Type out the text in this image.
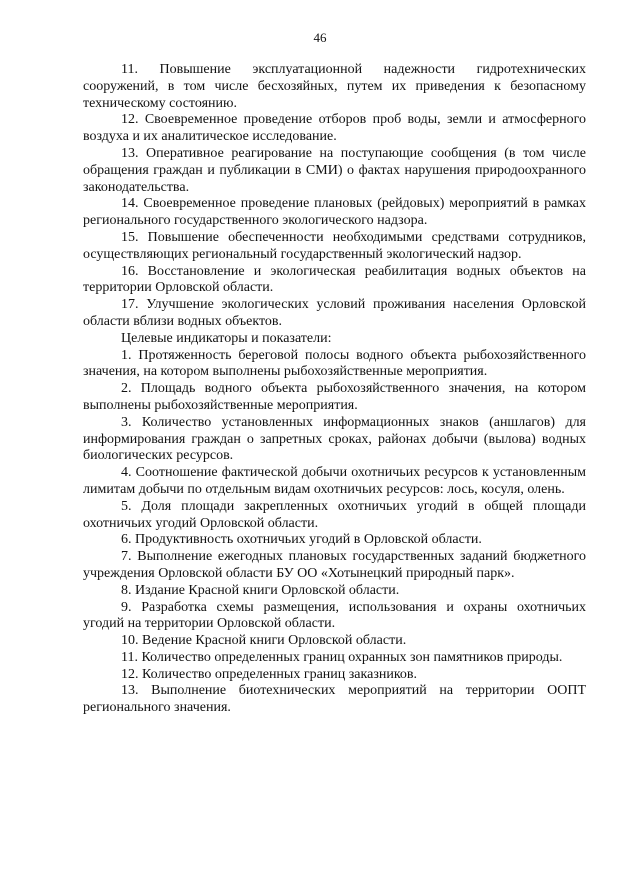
46

11. Повышение эксплуатационной надежности гидротехнических сооружений, в том числе бесхозяйных, путем их приведения к безопасному техническому состоянию.

12. Своевременное проведение отборов проб воды, земли и атмосферного воздуха и их аналитическое исследование.

13. Оперативное реагирование на поступающие сообщения (в том числе обращения граждан и публикации в СМИ) о фактах нарушения природоохранного законодательства.

14. Своевременное проведение плановых (рейдовых) мероприятий в рамках регионального государственного экологического надзора.

15. Повышение обеспеченности необходимыми средствами сотрудников, осуществляющих региональный государственный экологический надзор.

16. Восстановление и экологическая реабилитация водных объектов на территории Орловской области.

17. Улучшение экологических условий проживания населения Орловской области вблизи водных объектов.

Целевые индикаторы и показатели:

1. Протяженность береговой полосы водного объекта рыбохозяйственного значения, на котором выполнены рыбохозяйственные мероприятия.

2. Площадь водного объекта рыбохозяйственного значения, на котором выполнены рыбохозяйственные мероприятия.

3. Количество установленных информационных знаков (аншлагов) для информирования граждан о запретных сроках, районах добычи (вылова) водных биологических ресурсов.

4. Соотношение фактической добычи охотничьих ресурсов к установленным лимитам добычи по отдельным видам охотничьих ресурсов: лось, косуля, олень.

5. Доля площади закрепленных охотничьих угодий в общей площади охотничьих угодий Орловской области.

6. Продуктивность охотничьих угодий в Орловской области.

7. Выполнение ежегодных плановых государственных заданий бюджетного учреждения Орловской области БУ ОО «Хотынецкий природный парк».

8. Издание Красной книги Орловской области.

9. Разработка схемы размещения, использования и охраны охотничьих угодий на территории Орловской области.

10. Ведение Красной книги Орловской области.

11. Количество определенных границ охранных зон памятников природы.

12. Количество определенных границ заказников.

13. Выполнение биотехнических мероприятий на территории ООПТ регионального значения.
